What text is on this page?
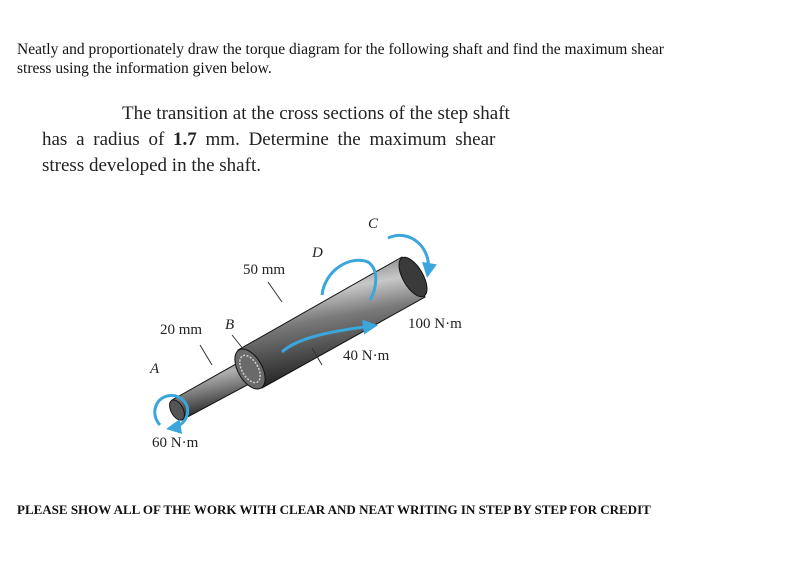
Neatly and proportionately draw the torque diagram for the following shaft and find the maximum shear
stress using the information given below.
The transition at the cross sections of the step shaft
has a radius of 1.7 mm. Determine the maximum shear
stress developed in the shaft.
A
B
C
D
20 mm
50 mm
60 N·m
40 N·m
100 N·m
PLEASE SHOW ALL OF THE WORK WITH CLEAR AND NEAT WRITING IN STEP BY STEP FOR CREDIT
